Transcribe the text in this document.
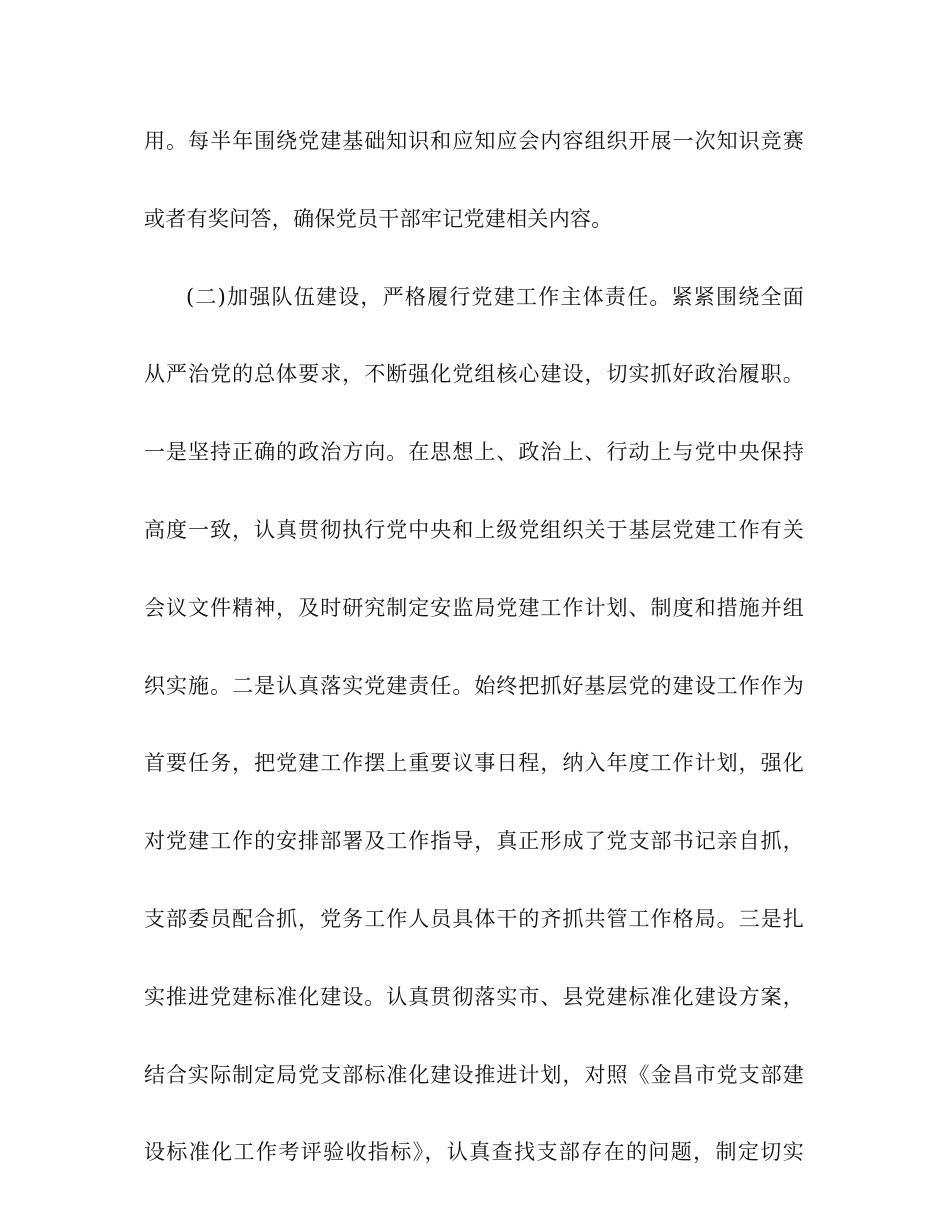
用。每半年围绕党建基础知识和应知应会内容组织开展一次知识竞赛
或者有奖问答，确保党员干部牢记党建相关内容。
(二)加强队伍建设，严格履行党建工作主体责任。紧紧围绕全面
从严治党的总体要求，不断强化党组核心建设，切实抓好政治履职。
一是坚持正确的政治方向。在思想上、政治上、行动上与党中央保持
高度一致，认真贯彻执行党中央和上级党组织关于基层党建工作有关
会议文件精神，及时研究制定安监局党建工作计划、制度和措施并组
织实施。二是认真落实党建责任。始终把抓好基层党的建设工作作为
首要任务，把党建工作摆上重要议事日程，纳入年度工作计划，强化
对党建工作的安排部署及工作指导，真正形成了党支部书记亲自抓，
支部委员配合抓，党务工作人员具体干的齐抓共管工作格局。三是扎
实推进党建标准化建设。认真贯彻落实市、县党建标准化建设方案，
结合实际制定局党支部标准化建设推进计划，对照《金昌市党支部建
设标准化工作考评验收指标》，认真查找支部存在的问题，制定切实
